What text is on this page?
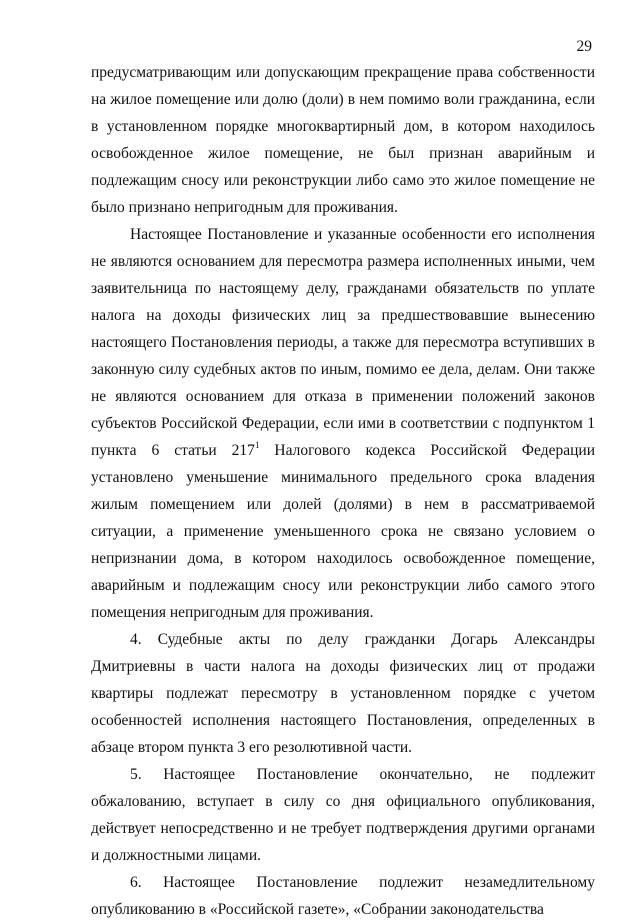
29

предусматривающим или допускающим прекращение права собственности на жилое помещение или долю (доли) в нем помимо воли гражданина, если в установленном порядке многоквартирный дом, в котором находилось освобожденное жилое помещение, не был признан аварийным и подлежащим сносу или реконструкции либо само это жилое помещение не было признано непригодным для проживания.

Настоящее Постановление и указанные особенности его исполнения не являются основанием для пересмотра размера исполненных иными, чем заявительница по настоящему делу, гражданами обязательств по уплате налога на доходы физических лиц за предшествовавшие вынесению настоящего Постановления периоды, а также для пересмотра вступивших в законную силу судебных актов по иным, помимо ее дела, делам. Они также не являются основанием для отказа в применении положений законов субъектов Российской Федерации, если ими в соответствии с подпунктом 1 пункта 6 статьи $217^1$ Налогового кодекса Российской Федерации установлено уменьшение минимального предельного срока владения жилым помещением или долей (долями) в нем в рассматриваемой ситуации, а применение уменьшенного срока не связано условием о непризнании дома, в котором находилось освобожденное помещение, аварийным и подлежащим сносу или реконструкции либо самого этого помещения непригодным для проживания.

4. Судебные акты по делу гражданки Догарь Александры Дмитриевны в части налога на доходы физических лиц от продажи квартиры подлежат пересмотру в установленном порядке с учетом особенностей исполнения настоящего Постановления, определенных в абзаце втором пункта 3 его резолютивной части.

5. Настоящее Постановление окончательно, не подлежит обжалованию, вступает в силу со дня официального опубликования, действует непосредственно и не требует подтверждения другими органами и должностными лицами.

6. Настоящее Постановление подлежит незамедлительному опубликованию в «Российской газете», «Собрании законодательства
